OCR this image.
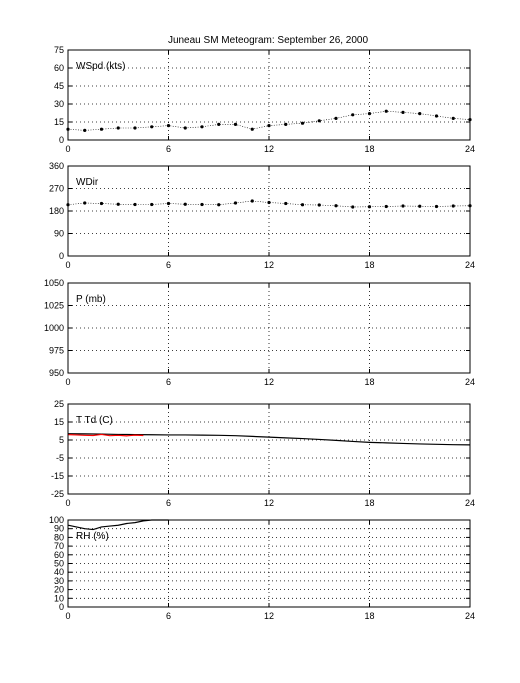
Juneau SM Meteogram: September 26, 2000
0	6	12	18	24
0
15
30
45
60
75
WSpd (kts)
0	6	12	18	24
0
90
180
270
360
WDir
0	6	12	18	24
950
975
1000
1025
1050
P (mb)
0	6	12	18	24
-25
-15
-5
5
15
25
T Td (C)
0	6	12	18	24
0
10
20
30
40
50
60
70
80
90
100
RH (%)
